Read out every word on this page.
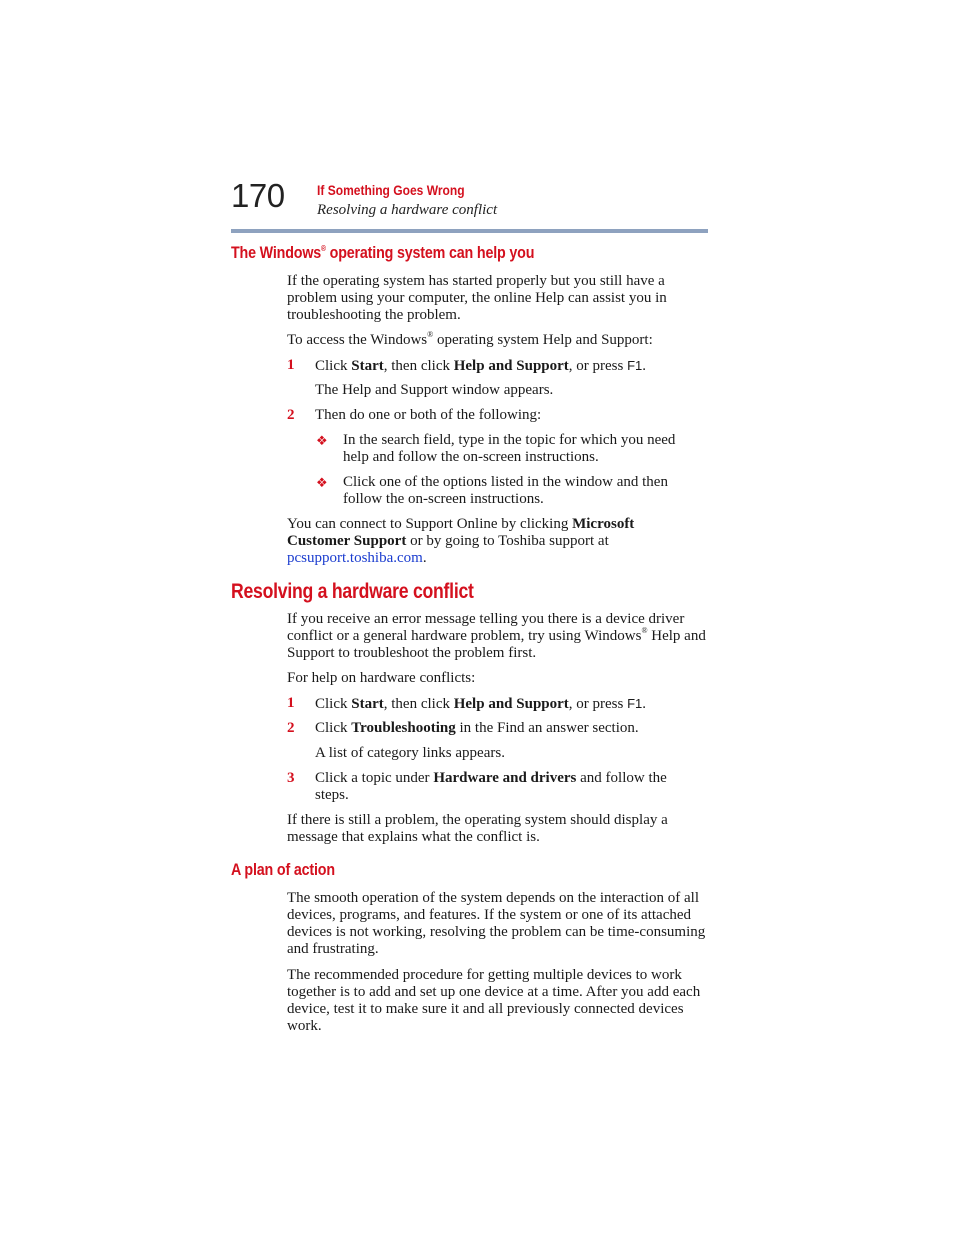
170 If Something Goes Wrong
Resolving a hardware conflict
The Windows® operating system can help you

If the operating system has started properly but you still have a problem using your computer, the online Help can assist you in troubleshooting the problem.

To access the Windows® operating system Help and Support:

1 Click Start, then click Help and Support, or press F1.

The Help and Support window appears.

2 Then do one or both of the following:

❖ In the search field, type in the topic for which you need help and follow the on-screen instructions.

❖ Click one of the options listed in the window and then follow the on-screen instructions.

You can connect to Support Online by clicking Microsoft Customer Support or by going to Toshiba support at pcsupport.toshiba.com.

Resolving a hardware conflict

If you receive an error message telling you there is a device driver conflict or a general hardware problem, try using Windows® Help and Support to troubleshoot the problem first.

For help on hardware conflicts:

1 Click Start, then click Help and Support, or press F1.

2 Click Troubleshooting in the Find an answer section.

A list of category links appears.

3 Click a topic under Hardware and drivers and follow the steps.

If there is still a problem, the operating system should display a message that explains what the conflict is.

A plan of action

The smooth operation of the system depends on the interaction of all devices, programs, and features. If the system or one of its attached devices is not working, resolving the problem can be time-consuming and frustrating.

The recommended procedure for getting multiple devices to work together is to add and set up one device at a time. After you add each device, test it to make sure it and all previously connected devices work.
